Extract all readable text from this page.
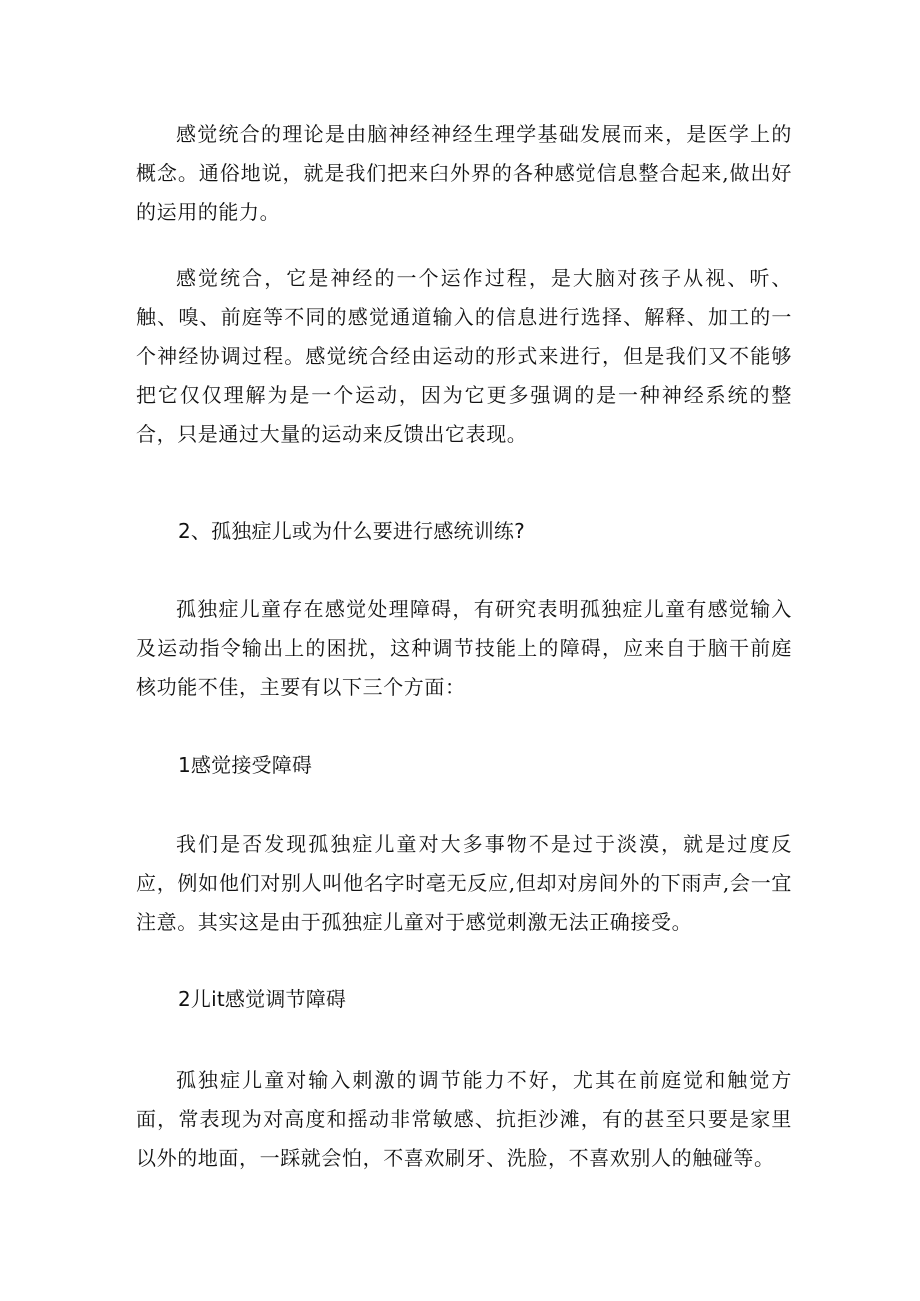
感觉统合的理论是由脑神经神经生理学基础发展而来，是医学上的概念。通俗地说，就是我们把来臼外界的各种感觉信息整合起来,做出好的运用的能力。

感觉统合，它是神经的一个运作过程，是大脑对孩子从视、听、触、嗅、前庭等不同的感觉通道输入的信息进行选择、解释、加工的一个神经协调过程。感觉统合经由运动的形式来进行，但是我们又不能够把它仅仅理解为是一个运动，因为它更多强调的是一种神经系统的整合，只是通过大量的运动来反馈出它表现。

2、孤独症儿或为什么要进行感统训练?

孤独症儿童存在感觉处理障碍，有研究表明孤独症儿童有感觉输入及运动指令输出上的困扰，这种调节技能上的障碍，应来自于脑干前庭核功能不佳，主要有以下三个方面：

1感觉接受障碍

我们是否发现孤独症儿童对大多事物不是过于淡漠，就是过度反应，例如他们对别人叫他名字时亳无反应,但却对房间外的下雨声,会一宜注意。其实这是由于孤独症儿童对于感觉刺激无法正确接受。

2儿it感觉调节障碍

孤独症儿童对输入刺激的调节能力不好，尤其在前庭觉和触觉方面，常表现为对高度和摇动非常敏感、抗拒沙滩，有的甚至只要是家里以外的地面，一踩就会怕，不喜欢刷牙、洗脸，不喜欢别人的触碰等。
